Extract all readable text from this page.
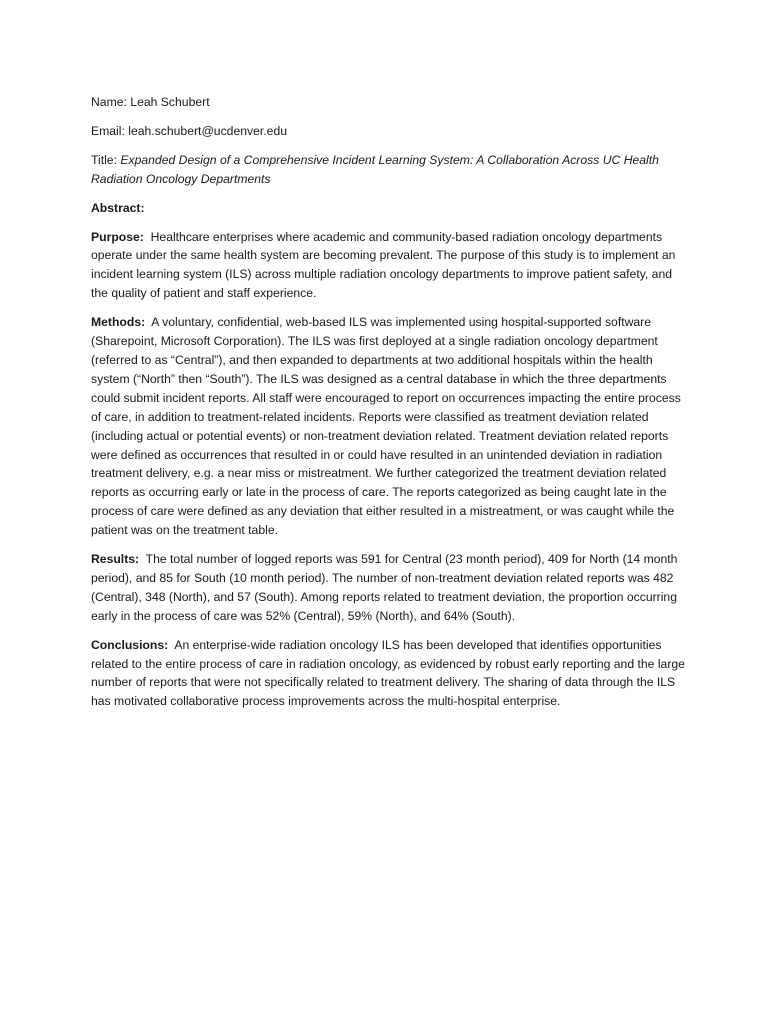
Name: Leah Schubert
Email: leah.schubert@ucdenver.edu
Title: Expanded Design of a Comprehensive Incident Learning System: A Collaboration Across UC Health Radiation Oncology Departments
Abstract:
Purpose: Healthcare enterprises where academic and community-based radiation oncology departments operate under the same health system are becoming prevalent. The purpose of this study is to implement an incident learning system (ILS) across multiple radiation oncology departments to improve patient safety, and the quality of patient and staff experience.
Methods: A voluntary, confidential, web-based ILS was implemented using hospital-supported software (Sharepoint, Microsoft Corporation). The ILS was first deployed at a single radiation oncology department (referred to as “Central”), and then expanded to departments at two additional hospitals within the health system (“North” then “South”). The ILS was designed as a central database in which the three departments could submit incident reports. All staff were encouraged to report on occurrences impacting the entire process of care, in addition to treatment-related incidents. Reports were classified as treatment deviation related (including actual or potential events) or non-treatment deviation related. Treatment deviation related reports were defined as occurrences that resulted in or could have resulted in an unintended deviation in radiation treatment delivery, e.g. a near miss or mistreatment. We further categorized the treatment deviation related reports as occurring early or late in the process of care. The reports categorized as being caught late in the process of care were defined as any deviation that either resulted in a mistreatment, or was caught while the patient was on the treatment table.
Results: The total number of logged reports was 591 for Central (23 month period), 409 for North (14 month period), and 85 for South (10 month period). The number of non-treatment deviation related reports was 482 (Central), 348 (North), and 57 (South). Among reports related to treatment deviation, the proportion occurring early in the process of care was 52% (Central), 59% (North), and 64% (South).
Conclusions: An enterprise-wide radiation oncology ILS has been developed that identifies opportunities related to the entire process of care in radiation oncology, as evidenced by robust early reporting and the large number of reports that were not specifically related to treatment delivery. The sharing of data through the ILS has motivated collaborative process improvements across the multi-hospital enterprise.
